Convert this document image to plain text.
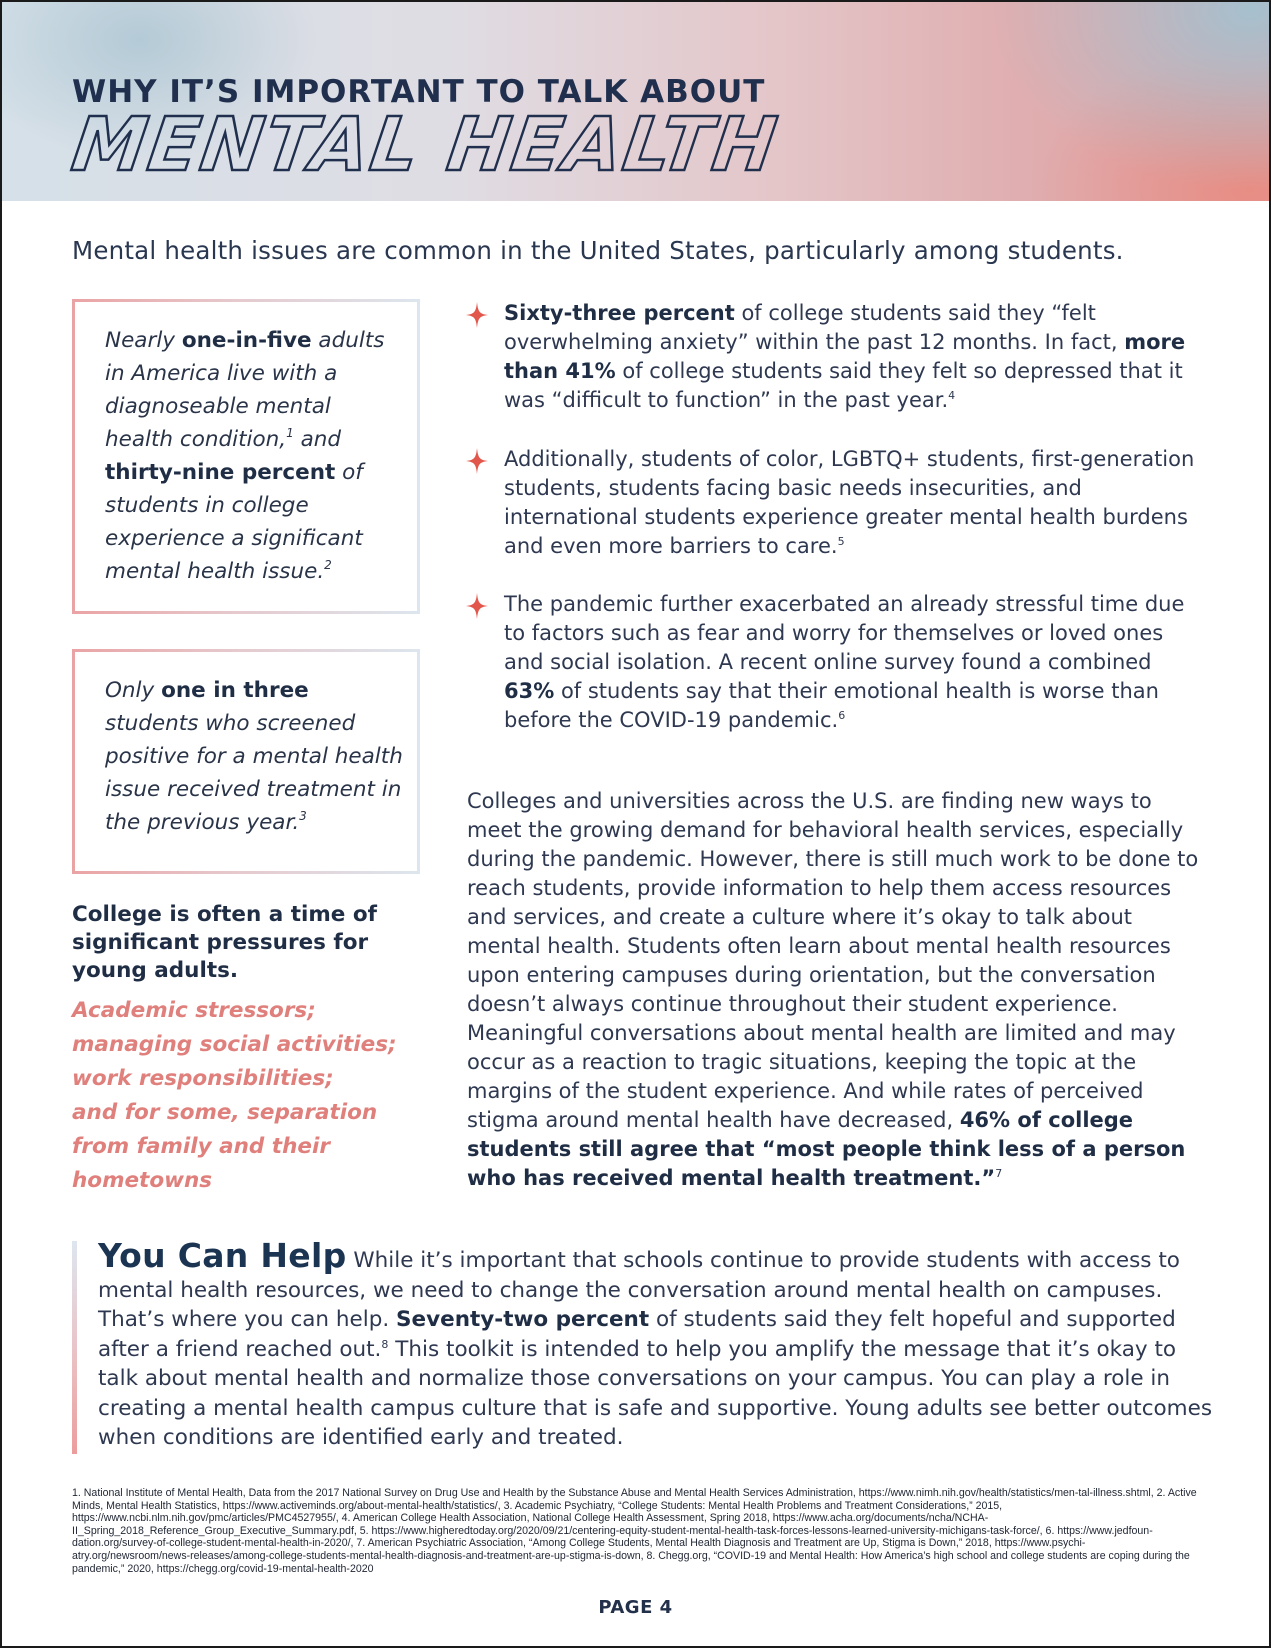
WHY IT’S IMPORTANT TO TALK ABOUT
MENTAL HEALTH
Mental health issues are common in the United States, particularly among students.

Nearly one-in-five adults in America live with a diagnoseable mental health condition,$^1$ and
thirty-nine percent of students in college experience a significant mental health issue.$^2$

Only one in three students who screened positive for a mental health issue received treatment in the previous year.$^3$

College is often a time of significant pressures for young adults.
Academic stressors;
managing social activities;
work responsibilities;
and for some, separation
from family and their
hometowns
Sixty-three percent of college students said they “felt overwhelming anxiety” within the past 12 months. In fact, more than 41% of college students said they felt so depressed that it was “difficult to function” in the past year.$^4$
Additionally, students of color, LGBTQ+ students, first-generation students, students facing basic needs insecurities, and international students experience greater mental health burdens and even more barriers to care.$^5$
The pandemic further exacerbated an already stressful time due to factors such as fear and worry for themselves or loved ones and social isolation. A recent online survey found a combined 63% of students say that their emotional health is worse than before the COVID-19 pandemic.$^6$

Colleges and universities across the U.S. are finding new ways to meet the growing demand for behavioral health services, especially during the pandemic. However, there is still much work to be done to reach students, provide information to help them access resources and services, and create a culture where it’s okay to talk about mental health. Students often learn about mental health resources upon entering campuses during orientation, but the conversation doesn’t always continue throughout their student experience. Meaningful conversations about mental health are limited and may occur as a reaction to tragic situations, keeping the topic at the margins of the student experience. And while rates of perceived stigma around mental health have decreased, 46% of college students still agree that “most people think less of a person who has received mental health treatment.”$^7$

You Can Help While it’s important that schools continue to provide students with access to mental health resources, we need to change the conversation around mental health on campuses. That’s where you can help. Seventy-two percent of students said they felt hopeful and supported after a friend reached out.$^8$ This toolkit is intended to help you amplify the message that it’s okay to talk about mental health and normalize those conversations on your campus. You can play a role in creating a mental health campus culture that is safe and supportive. Young adults see better outcomes when conditions are identified early and treated.

1. National Institute of Mental Health, Data from the 2017 National Survey on Drug Use and Health by the Substance Abuse and Mental Health Services Administration, https://www.nimh.nih.gov/health/statistics/men-tal-illness.shtml, 2. Active Minds, Mental Health Statistics, https://www.activeminds.org/about-mental-health/statistics/, 3. Academic Psychiatry, “College Students: Mental Health Problems and Treatment Considerations,” 2015, https://www.ncbi.nlm.nih.gov/pmc/articles/PMC4527955/, 4. American College Health Association, National College Health Assessment, Spring 2018, https://www.acha.org/documents/ncha/NCHA-II_Spring_2018_Reference_Group_Executive_Summary.pdf, 5. https://www.higheredtoday.org/2020/09/21/centering-equity-student-mental-health-task-forces-lessons-learned-university-michigans-task-force/, 6. https://www.jedfoun-dation.org/survey-of-college-student-mental-health-in-2020/, 7. American Psychiatric Association, “Among College Students, Mental Health Diagnosis and Treatment are Up, Stigma is Down,” 2018, https://www.psychi-atry.org/newsroom/news-releases/among-college-students-mental-health-diagnosis-and-treatment-are-up-stigma-is-down, 8. Chegg.org, “COVID-19 and Mental Health: How America’s high school and college students are coping during the pandemic,” 2020, https://chegg.org/covid-19-mental-health-2020

PAGE 4
